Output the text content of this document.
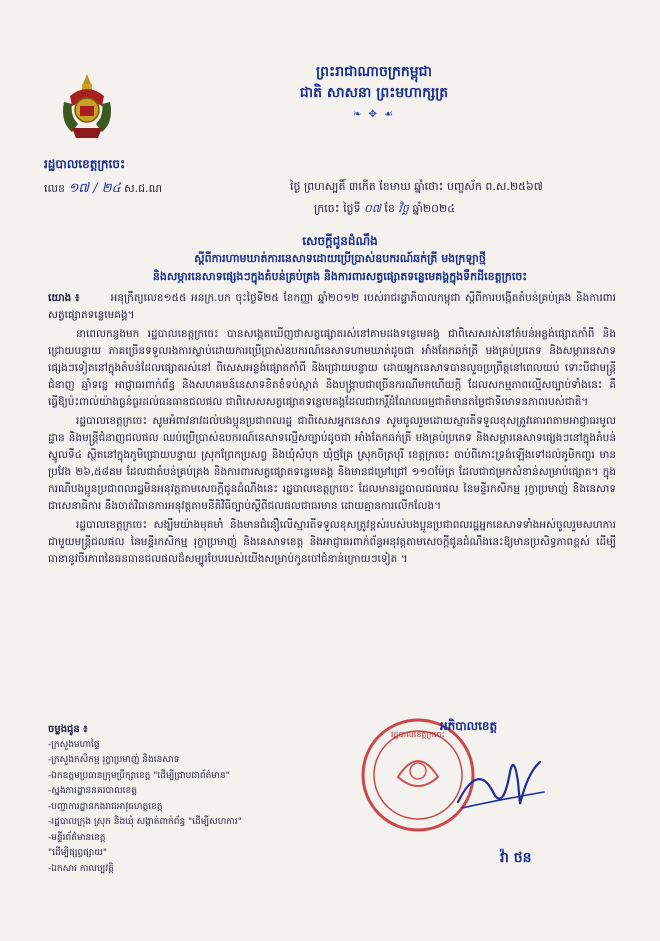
ព្រះរាជាណាចក្រកម្ពុជា
ជាតិ សាសនា ព្រះមហាក្សត្រ
❧ ✥ ☙
រដ្ឋបាលខេត្តក្រចេះ
លេខ ១៧ / ២៤ ស.ជ.ណ	ថ្ងៃ ព្រហស្បតិ៍ ៣កើត ខែមាឃ ឆ្នាំថោះ បញ្ចស័ក ព.ស.២៥៦៧
ក្រចេះ ថ្ងៃទី ០៧ ខែ វិច្ឆ ឆ្នាំ២០២៤
សេចក្តីជូនដំណឹង
ស្តីពីការហាមឃាត់ការនេសាទដោយប្រើប្រាស់ឧបករណ៍ឆក់ត្រី មងក្រឡាថ្មី
និងសម្ភារនេសាទផ្សេងៗក្នុងតំបន់គ្រប់គ្រង និងការពារសត្វផ្សោតទន្លេមេគង្គក្នុងទឹកដីខេត្តក្រចេះ

យោង ៖	អនុក្រឹត្យលេខ១៥៥ អនក្រ.បក ចុះថ្ងៃទី២៥ ខែកញ្ញា ឆ្នាំ២០១២ របស់រាជរដ្ឋាភិបាលកម្ពុជា ស្តីពីការបង្កើតតំបន់គ្រប់គ្រង និងការពារសត្វផ្សោតទន្លេមេគង្គ។

នាពេលកន្លងមក រដ្ឋបាលខេត្តក្រចេះ បានសង្កេតឃើញថាសត្វផ្សោតរស់នៅតាមដងទន្លេមេគង្គ ជាពិសេសរស់នៅតំបន់អន្លង់ផ្សោតកាំពី និងជ្រោយបន្ទាយ ភាគច្រើនទទួលរងការស្លាប់ដោយការប្រើប្រាស់ឧបករណ៍នេសាទហាមឃាត់ដូចជា អាំងតែកឆក់ត្រី មងគ្រប់ប្រភេទ និងសម្ភារនេសាទផ្សេងៗទៀតនៅក្នុងតំបន់ដែលផ្សោតរស់នៅ ពិសេសអន្លង់ផ្សោតកាំពី និងជ្រោយបន្ទាយ ដោយអ្នកនេសាទបានលួចប្រព្រឹត្តនៅពេលយប់ ទោះបីជាមន្ត្រីជំនាញ ឆ្មាំទន្លេ អាជ្ញាធរពាក់ព័ន្ធ និងសហគមន៍នេសាទខិតខំទប់ស្កាត់ និងបង្ក្រាបជាច្រើនករណីមកហើយក្តី ដែលសកម្មភាពល្មើសច្បាប់ទាំងនេះ គឺធ្វើឱ្យប៉ះពាល់យ៉ាងធ្ងន់ធ្ងរដល់ធនធានជលផល ជាពិសេសសត្វផ្សោតទន្លេមេគង្គដែលជាកេរ្តិ៍ដំណែលធម្មជាតិមានតម្លៃជាទីមោទនភាពរបស់ជាតិ។

រដ្ឋបាលខេត្តក្រចេះ សូមអំពាវនាវដល់បងប្អូនប្រជាពលរដ្ឋ ជាពិសេសអ្នកនេសាទ សូមចូលរួមដោយស្មារតីទទួលខុសត្រូវគោរពតាមអាជ្ញាធរមូលដ្ឋាន និងមន្ត្រីជំនាញជលផល ឈប់ប្រើប្រាស់ឧបករណ៍នេសាទល្មើសច្បាប់ដូចជា អាំងតែកឆក់ត្រី មងគ្រប់ប្រភេទ និងសម្ភារនេសាទផ្សេងៗនៅក្នុងតំបន់ស្នូលទី៤ ស្ថិតនៅក្នុងភូមិជ្រោយបន្ទាយ ស្រុកព្រែកប្រសព្វ និងឃុំសំបុក ឃុំថ្មគ្រែ ស្រុកចិត្របុរី ខេត្តក្រចេះ ចាប់ពីកោះទ្រង់ឡើងទៅដល់ភូមិកញ្ចរ មានប្រវែង ២៦,៥៨គម ដែលជាតំបន់គ្រប់គ្រង និងការពារសត្វផ្សោតទន្លេមេគង្គ និងមានជម្រៅជ្រៅ ១១០ម៉ែត្រ ដែលជាជម្រកសំខាន់សម្រាប់ផ្សោត។ ក្នុងករណីបងប្អូនប្រជាពលរដ្ឋមិនអនុវត្តតាមសេចក្តីជូនដំណឹងនេះ រដ្ឋបាលខេត្តក្រចេះ ដែលមានរដ្ឋបាលជលផល នៃមន្ទីរកសិកម្ម រុក្ខាប្រមាញ់ និងនេសាទ ជាសេនាធិការ នឹងចាត់វិធានការអនុវត្តតាមនីតិវិធីច្បាប់ស្តីពីជលផលជាធរមាន ដោយគ្មានការលើកលែង។

រដ្ឋបាលខេត្តក្រចេះ សង្ឃឹមយ៉ាងមុតមាំ និងមានជំនឿលើស្មារតីទទួលខុសត្រូវខ្ពស់របស់បងប្អូនប្រជាពលរដ្ឋអ្នកនេសាទទាំងអស់ចូលរួមសហការជាមួយមន្ត្រីជលផល នៃមន្ទីរកសិកម្ម រុក្ខាប្រមាញ់ និងនេសាទខេត្ត និងអាជ្ញាធរពាក់ព័ន្ធអនុវត្តតាមសេចក្តីជូនដំណឹងនេះឱ្យមានប្រសិទ្ធភាពខ្ពស់ ដើម្បីធានានូវចីរភាពនៃធនធានជលផលដ៏សម្បូរបែបរបស់យើងសម្រាប់កូនចៅជំនាន់ក្រោយៗទៀត ។

ចម្លងជូន ៖
-ក្រសួងមហាផ្ទៃ
-ក្រសួងកសិកម្ម រុក្ខាប្រមាញ់ និងនេសាទ
-ឯកឧត្តមប្រធានក្រុមប្រឹក្សាខេត្ត "ដើម្បីជ្រាបជាព័ត៌មាន"
-ស្នងការដ្ឋាននគរបាលខេត្ត
-បញ្ជាការដ្ឋានកងរាជអាវុធហត្ថខេត្ត
-រដ្ឋបាលក្រុង ស្រុក និងឃុំ សង្កាត់ពាក់ព័ន្ធ "ដើម្បីសហការ"
-មន្ទីរព័ត៌មានខេត្ត
"ដើម្បីផ្សព្វផ្សាយ"
-ឯកសារ កាលប្បវត្តិ
រដ្ឋបាលខេត្តក្រចេះ
អភិបាលខេត្ត
វ៉ា ថន
